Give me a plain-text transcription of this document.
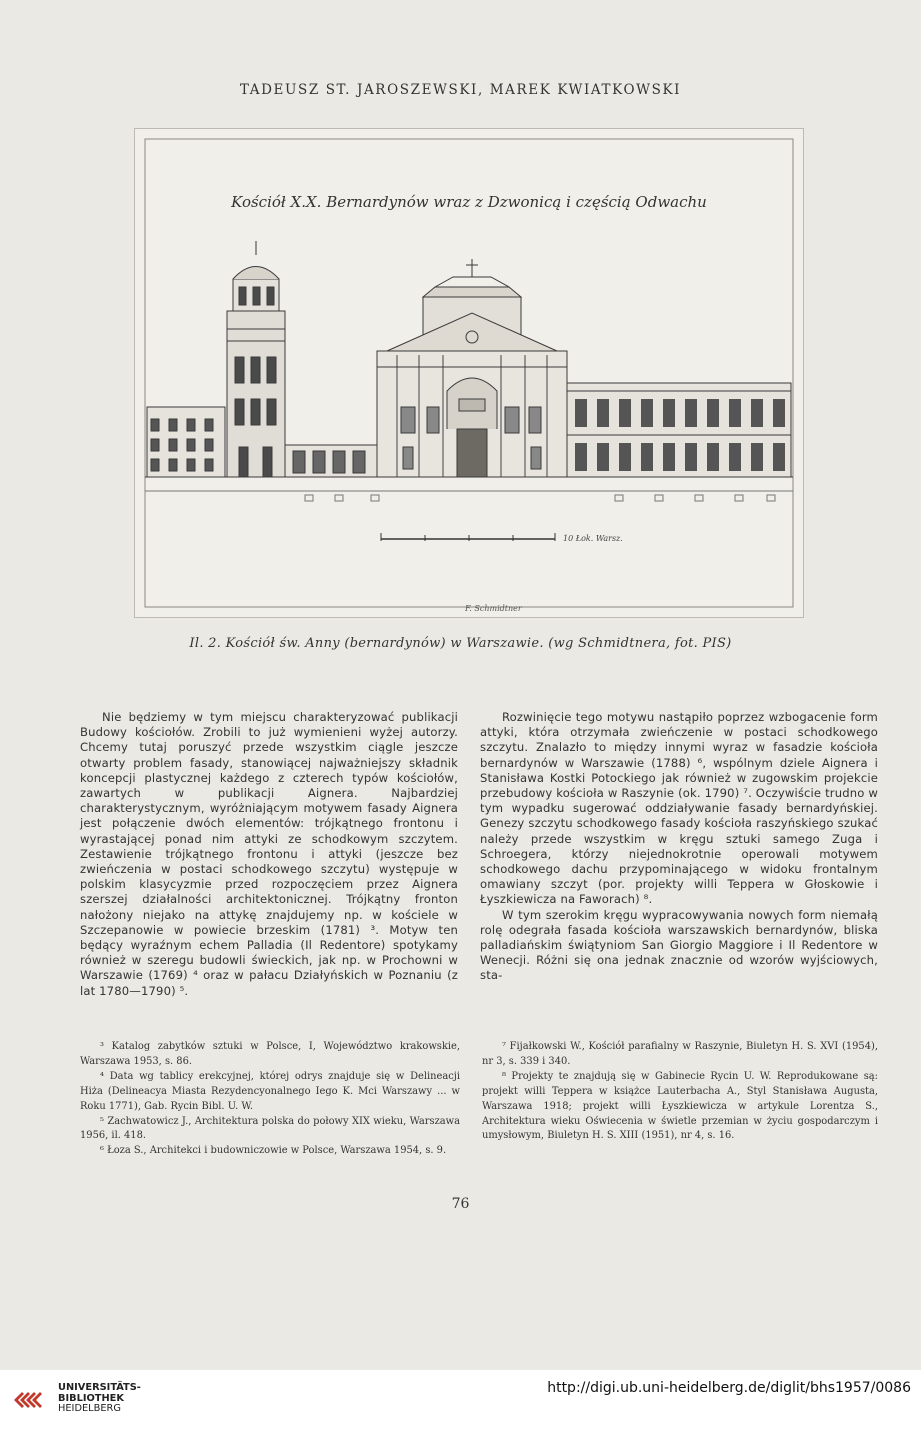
TADEUSZ ST. JAROSZEWSKI, MAREK KWIATKOWSKI
Kościół X.X. Bernardynów wraz z Dzwonicą i częścią Odwachu
10 Łok. Warsz.
F. Schmidtner
Il. 2. Kościół św. Anny (bernardynów) w Warszawie. (wg Schmidtnera, fot. PIS)

Nie będziemy w tym miejscu charakteryzować publikacji Budowy kościołów. Zrobili to już wymienieni wyżej autorzy. Chcemy tutaj poruszyć przede wszystkim ciągle jeszcze otwarty problem fasady, stanowiącej najważniejszy składnik koncepcji plastycznej każdego z czterech typów kościołów, zawartych w publikacji Aignera. Najbardziej charakterystycznym, wyróżniającym motywem fasady Aignera jest połączenie dwóch elementów: trójkątnego frontonu i wyrastającej ponad nim attyki ze schodkowym szczytem. Zestawienie trójkątnego frontonu i attyki (jeszcze bez zwieńczenia w postaci schodkowego szczytu) występuje w polskim klasycyzmie przed rozpoczęciem przez Aignera szerszej działalności architektonicznej. Trójkątny fronton nałożony niejako na attykę znajdujemy np. w kościele w Szczepanowie w powiecie brzeskim (1781) ³. Motyw ten będący wyraźnym echem Palladia (Il Redentore) spotykamy również w szeregu budowli świeckich, jak np. w Prochowni w Warszawie (1769) ⁴ oraz w pałacu Działyńskich w Poznaniu (z lat 1780—1790) ⁵.

Rozwinięcie tego motywu nastąpiło poprzez wzbogacenie form attyki, która otrzymała zwieńczenie w postaci schodkowego szczytu. Znalazło to między innymi wyraz w fasadzie kościoła bernardynów w Warszawie (1788) ⁶, wspólnym dziele Aignera i Stanisława Kostki Potockiego jak również w zugowskim projekcie przebudowy kościoła w Raszynie (ok. 1790) ⁷. Oczywiście trudno w tym wypadku sugerować oddziaływanie fasady bernardyńskiej. Genezy szczytu schodkowego fasady kościoła raszyńskiego szukać należy przede wszystkim w kręgu sztuki samego Zuga i Schroegera, którzy niejednokrotnie operowali motywem schodkowego dachu przypominającego w widoku frontalnym omawiany szczyt (por. projekty willi Teppera w Głoskowie i Łyszkiewicza na Faworach) ⁸.

W tym szerokim kręgu wypracowywania nowych form niemałą rolę odegrała fasada kościoła warszawskich bernardynów, bliska palladiańskim świątyniom San Giorgio Maggiore i Il Redentore w Wenecji. Różni się ona jednak znacznie od wzorów wyjściowych, sta-

³ Katalog zabytków sztuki w Polsce, I, Województwo krakowskie, Warszawa 1953, s. 86.

⁴ Data wg tablicy erekcyjnej, której odrys znajduje się w Delineacji Hiża (Delineacya Miasta Rezydencyonalnego Iego K. Mci Warszawy ... w Roku 1771), Gab. Rycin Bibl. U. W.

⁵ Zachwatowicz J., Architektura polska do połowy XIX wieku, Warszawa 1956, il. 418.

⁶ Łoza S., Architekci i budowniczowie w Polsce, Warszawa 1954, s. 9.

⁷ Fijałkowski W., Kościół parafialny w Raszynie, Biuletyn H. S. XVI (1954), nr 3, s. 339 i 340.

⁸ Projekty te znajdują się w Gabinecie Rycin U. W. Reprodukowane są: projekt willi Teppera w książce Lauterbacha A., Styl Stanisława Augusta, Warszawa 1918; projekt willi Łyszkiewicza w artykule Lorentza S., Architektura wieku Oświecenia w świetle przemian w życiu gospodarczym i umysłowym, Biuletyn H. S. XIII (1951), nr 4, s. 16.

76
UNIVERSITÄTS-
BIBLIOTHEK
HEIDELBERG
http://digi.ub.uni-heidelberg.de/diglit/bhs1957/0086
